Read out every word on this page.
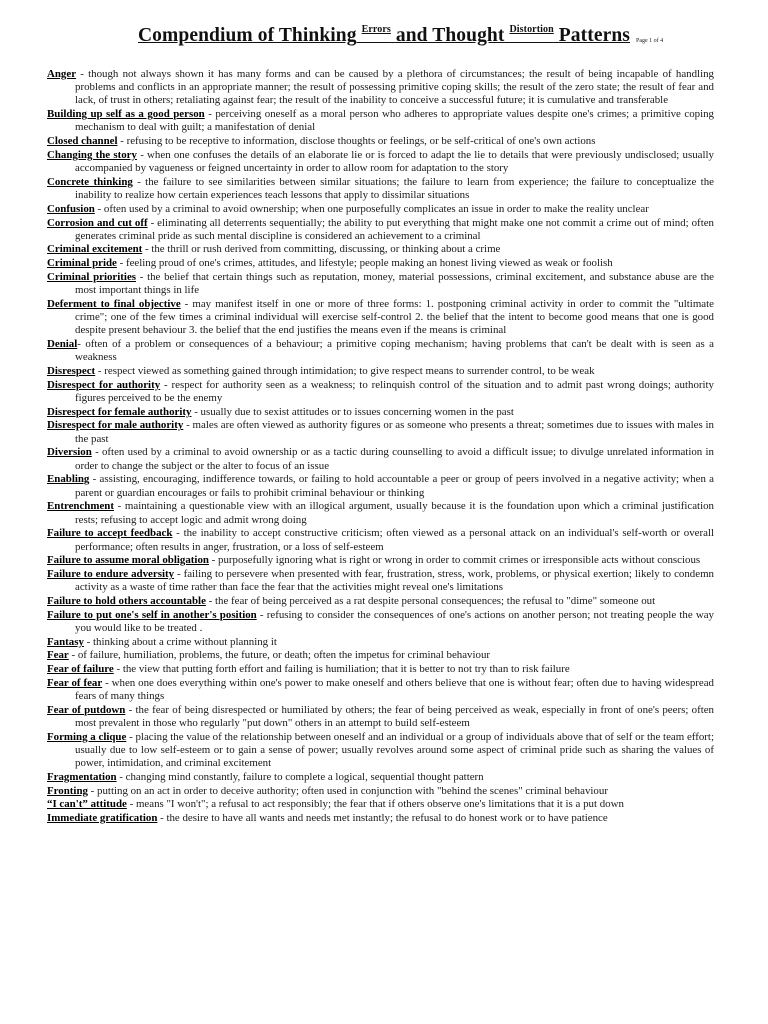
Compendium of Thinking $^{Errors}$ and Thought $^{Distortion}$ Patterns	Page 1 of 4

Anger - though not always shown it has many forms and can be caused by a plethora of circumstances; the result of being incapable of handling problems and conflicts in an appropriate manner; the result of possessing primitive coping skills; the result of the zero state; the result of fear and lack, of trust in others; retaliating against fear; the result of the inability to conceive a successful future; it is cumulative and transferable

Building up self as a good person - perceiving oneself as a moral person who adheres to appropriate values despite one's crimes; a primitive coping mechanism to deal with guilt; a manifestation of denial

Closed channel - refusing to be receptive to information, disclose thoughts or feelings, or be self-critical of one's own actions

Changing the story - when one confuses the details of an elaborate lie or is forced to adapt the lie to details that were previously undisclosed; usually accompanied by vagueness or feigned uncertainty in order to allow room for adaptation to the story

Concrete thinking - the failure to see similarities between similar situations; the failure to learn from experience; the failure to conceptualize the inability to realize how certain experiences teach lessons that apply to dissimilar situations

Confusion - often used by a criminal to avoid ownership; when one purposefully complicates an issue in order to make the reality unclear

Corrosion and cut off - eliminating all deterrents sequentially; the ability to put everything that might make one not commit a crime out of mind; often generates criminal pride as such mental discipline is considered an achievement to a criminal

Criminal excitement - the thrill or rush derived from committing, discussing, or thinking about a crime

Criminal pride - feeling proud of one's crimes, attitudes, and lifestyle; people making an honest living viewed as weak or foolish

Criminal priorities - the belief that certain things such as reputation, money, material possessions, criminal excitement, and substance abuse are the most important things in life

Deferment to final objective - may manifest itself in one or more of three forms: 1. postponing criminal activity in order to commit the "ultimate crime"; one of the few times a criminal individual will exercise self-control 2. the belief that the intent to become good means that one is good despite present behaviour 3. the belief that the end justifies the means even if the means is criminal

Denial- often of a problem or consequences of a behaviour; a primitive coping mechanism; having problems that can't be dealt with is seen as a weakness

Disrespect - respect viewed as something gained through intimidation; to give respect means to surrender control, to be weak

Disrespect for authority - respect for authority seen as a weakness; to relinquish control of the situation and to admit past wrong doings; authority figures perceived to be the enemy

Disrespect for female authority - usually due to sexist attitudes or to issues concerning women in the past

Disrespect for male authority - males are often viewed as authority figures or as someone who presents a threat; sometimes due to issues with males in the past

Diversion - often used by a criminal to avoid ownership or as a tactic during counselling to avoid a difficult issue; to divulge unrelated information in order to change the subject or the alter to focus of an issue

Enabling - assisting, encouraging, indifference towards, or failing to hold accountable a peer or group of peers involved in a negative activity; when a parent or guardian encourages or fails to prohibit criminal behaviour or thinking

Entrenchment - maintaining a questionable view with an illogical argument, usually because it is the foundation upon which a criminal justification rests; refusing to accept logic and admit wrong doing

Failure to accept feedback - the inability to accept constructive criticism; often viewed as a personal attack on an individual's self-worth or overall performance; often results in anger, frustration, or a loss of self-esteem

Failure to assume moral obligation - purposefully ignoring what is right or wrong in order to commit crimes or irresponsible acts without conscious

Failure to endure adversity - failing to persevere when presented with fear, frustration, stress, work, problems, or physical exertion; likely to condemn activity as a waste of time rather than face the fear that the activities might reveal one's limitations

Failure to hold others accountable - the fear of being perceived as a rat despite personal consequences; the refusal to "dime" someone out

Failure to put one's self in another's position - refusing to consider the consequences of one's actions on another person; not treating people the way you would like to be treated .

Fantasy - thinking about a crime without planning it

Fear - of failure, humiliation, problems, the future, or death; often the impetus for criminal behaviour

Fear of failure - the view that putting forth effort and failing is humiliation; that it is better to not try than to risk failure

Fear of fear - when one does everything within one's power to make oneself and others believe that one is without fear; often due to having widespread fears of many things

Fear of putdown - the fear of being disrespected or humiliated by others; the fear of being perceived as weak, especially in front of one's peers; often most prevalent in those who regularly "put down" others in an attempt to build self-esteem

Forming a clique - placing the value of the relationship between oneself and an individual or a group of individuals above that of self or the team effort; usually due to low self-esteem or to gain a sense of power; usually revolves around some aspect of criminal pride such as sharing the values of power, intimidation, and criminal excitement

Fragmentation - changing mind constantly, failure to complete a logical, sequential thought pattern

Fronting - putting on an act in order to deceive authority; often used in conjunction with "behind the scenes" criminal behaviour

“I can't” attitude - means "I won't"; a refusal to act responsibly; the fear that if others observe one's limitations that it is a put down

Immediate gratification - the desire to have all wants and needs met instantly; the refusal to do honest work or to have patience
